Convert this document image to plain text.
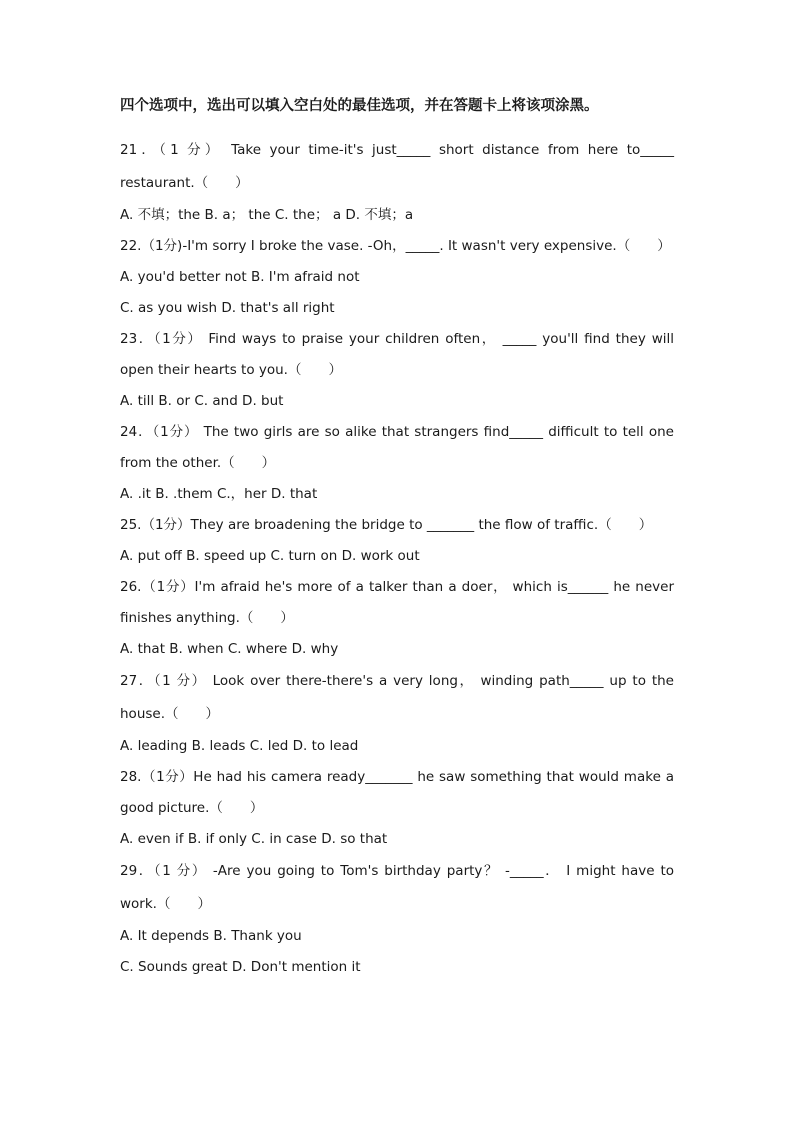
四个选项中，选出可以填入空白处的最佳选项，并在答题卡上将该项涂黑。

21．（1 分） Take your time-it's just_____ short distance from here to_____ restaurant.（　　）

A. 不填；the B. a； the C. the； a D. 不填；a

22.（1分)-I'm sorry I broke the vase. -Oh，_____. It wasn't very expensive.（　　）

A. you'd better not B. I'm afraid not

C. as you wish D. that's all right

23．（1分） Find ways to praise your children often， _____ you'll find they will open their hearts to you.（　　）

A. till B. or C. and D. but

24．（1分） The two girls are so alike that strangers find_____ difficult to tell one from the other.（　　）

A. .it B. .them C.，her D. that

25.（1分）They are broadening the bridge to _______ the flow of traffic.（　　）

A. put off B. speed up C. turn on D. work out

26.（1分）I'm afraid he's more of a talker than a doer， which is______ he never finishes anything.（　　）

A. that B. when C. where D. why

27．（1 分） Look over there-there's a very long， winding path_____ up to the house.（　　）

A. leading B. leads C. led D. to lead

28.（1分）He had his camera ready_______ he saw something that would make a good picture.（　　）

A. even if B. if only C. in case D. so that

29．（1 分） -Are you going to Tom's birthday party？ -_____． I might have to work.（　　）

A. It depends B. Thank you

C. Sounds great D. Don't mention it
